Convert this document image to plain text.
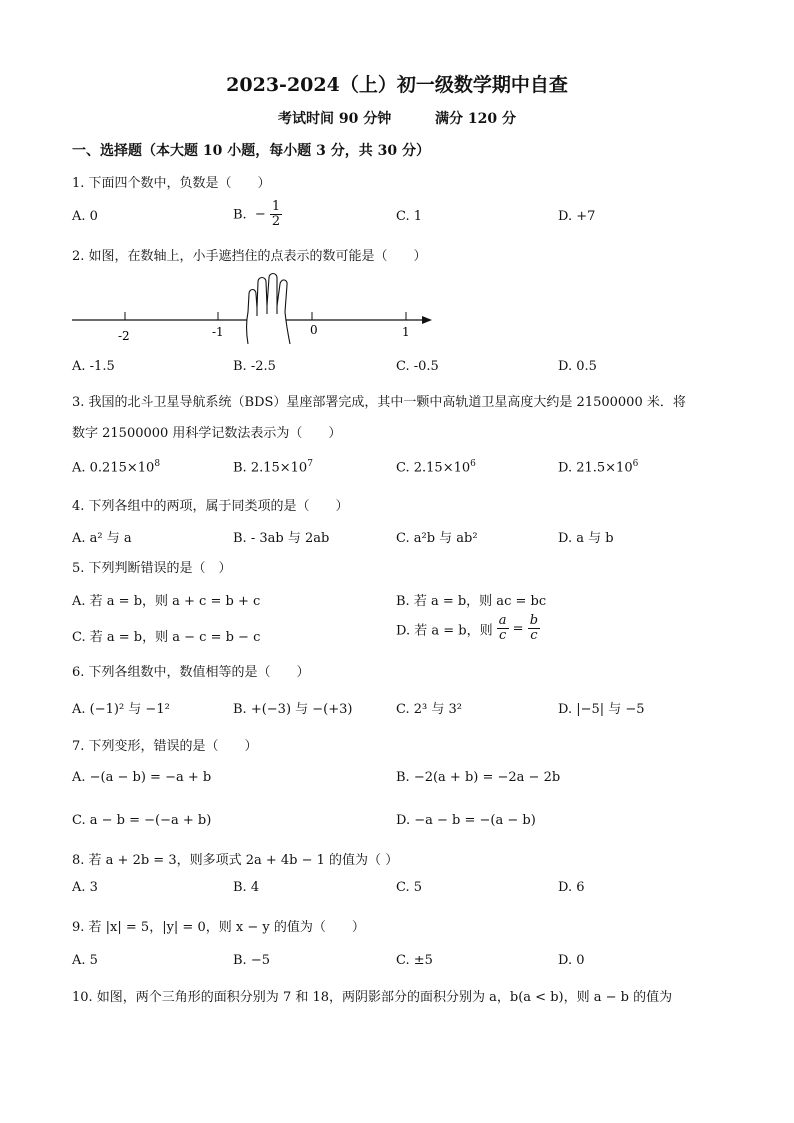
2023-2024（上）初一级数学期中自查
考试时间 90 分钟	满分 120 分
一、选择题（本大题 10 小题，每小题 3 分，共 30 分）
1. 下面四个数中，负数是（　　）
A. 0	B. − $\frac{1}{2}$	C. 1	D. +7
2. 如图，在数轴上，小手遮挡住的点表示的数可能是（　　）
-2	-1	0	1
A. -1.5	B. -2.5	C. -0.5	D. 0.5
3. 我国的北斗卫星导航系统（BDS）星座部署完成，其中一颗中高轨道卫星高度大约是 21500000 米．将
数字 21500000 用科学记数法表示为（　　）
A. $0.215\times 10^8$	B. $2.15\times 10^7$	C. $2.15\times 10^6$	D. $21.5\times 10^6$
4. 下列各组中的两项，属于同类项的是（　　）
A. a² 与 a	B. - 3ab 与 2ab	C. a²b 与 ab²	D. a 与 b
5. 下列判断错误的是（　）
A. 若 a = b，则 a + c = b + c	B. 若 a = b，则 ac = bc
C. 若 a = b，则 a − c = b − c	D. 若 a = b，则 $\frac{a}{c} = \frac{b}{c}$
6. 下列各组数中，数值相等的是（　　）
A. (−1)² 与 −1²	B. +(−3) 与 −(+3)	C. 2³ 与 3²	D. |−5| 与 −5
7. 下列变形，错误的是（　　）
A. −(a − b) = −a + b	B. −2(a + b) = −2a − 2b
C. a − b = −(−a + b)	D. −a − b = −(a − b)
8. 若 a + 2b = 3，则多项式 2a + 4b − 1 的值为（ ）
A. 3	B. 4	C. 5	D. 6
9. 若 |x| = 5，|y| = 0，则 x − y 的值为（　　）
A. 5	B. −5	C. ±5	D. 0
10. 如图，两个三角形的面积分别为 7 和 18，两阴影部分的面积分别为 a，b(a < b)，则 a − b 的值为
